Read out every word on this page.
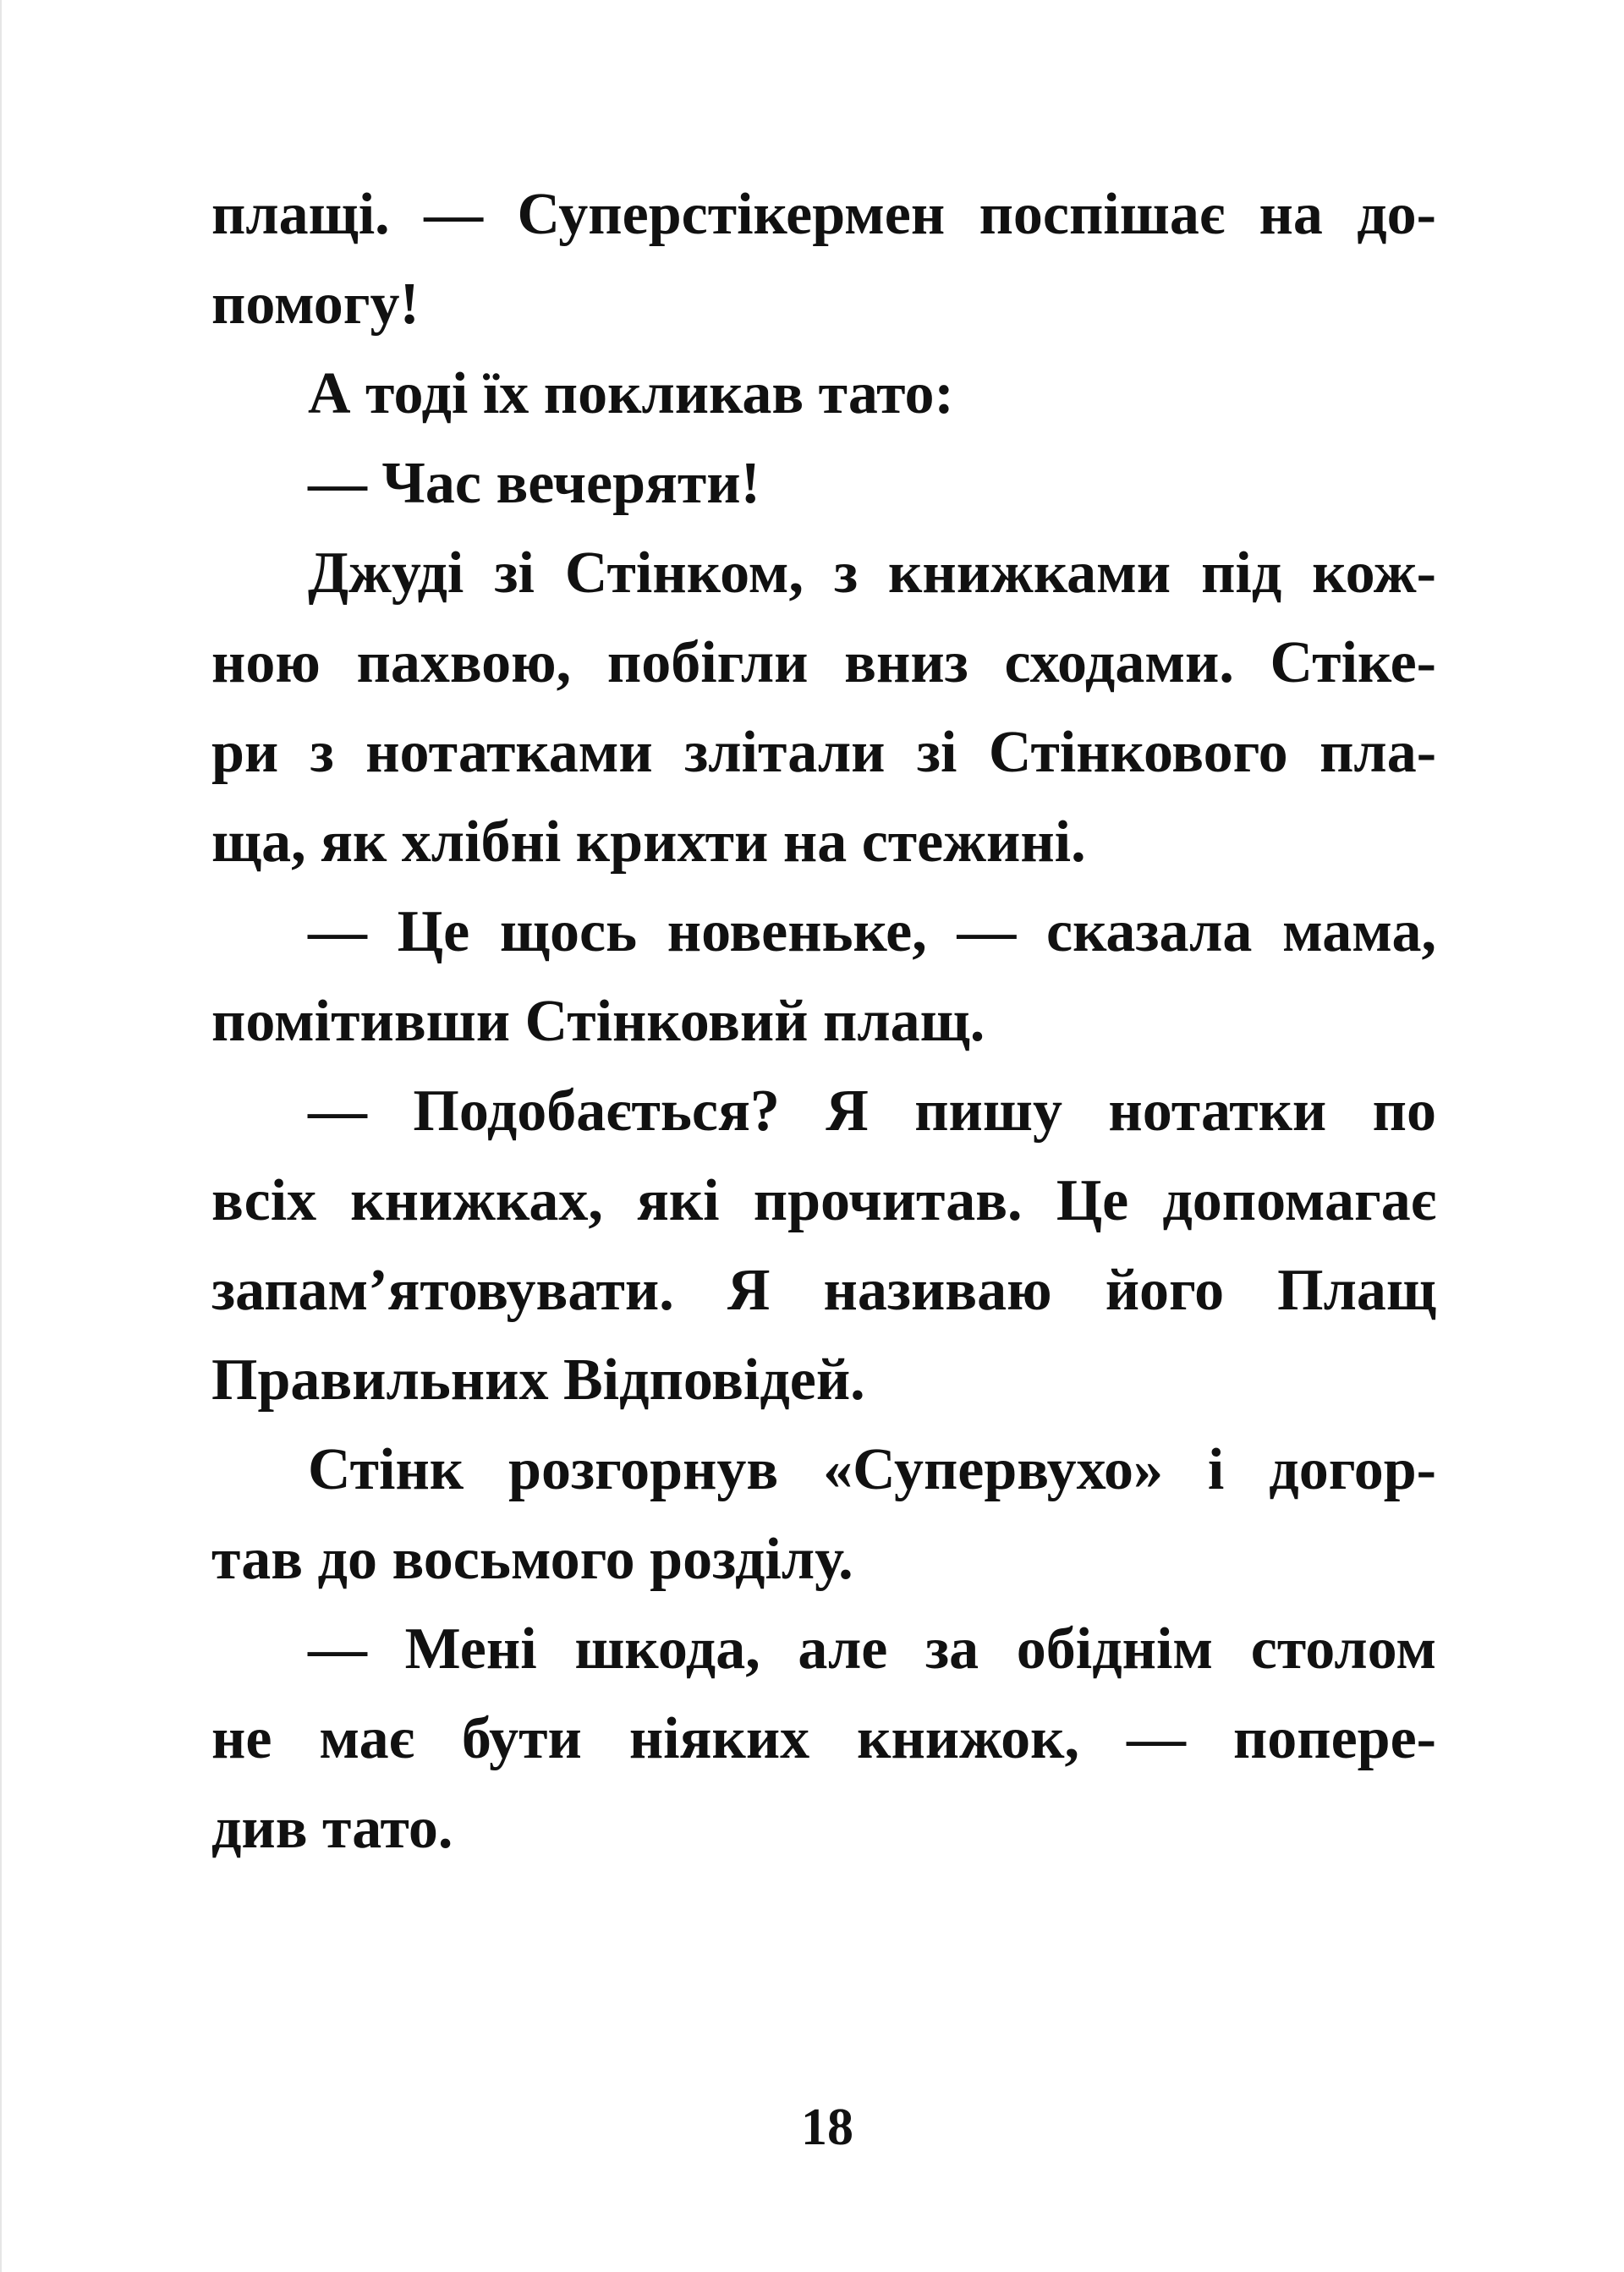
плащі. — Суперстікермен поспішає на до-
помогу!
А тоді їх покликав тато:
— Час вечеряти!
Джуді зі Стінком, з книжками під кож-
ною пахвою, побігли вниз сходами. Стіке-
ри з нотатками злітали зі Стінкового пла-
ща, як хлібні крихти на стежині.
— Це щось новеньке, — сказала мама,
помітивши Стінковий плащ.
— Подобається? Я пишу нотатки по
всіх книжках, які прочитав. Це допомагає
запам’ятовувати. Я називаю його Плащ
Правильних Відповідей.
Стінк розгорнув «Супервухо» і догор-
тав до восьмого розділу.
— Мені шкода, але за обіднім столом
не має бути ніяких книжок, — попере-
див тато.
18
